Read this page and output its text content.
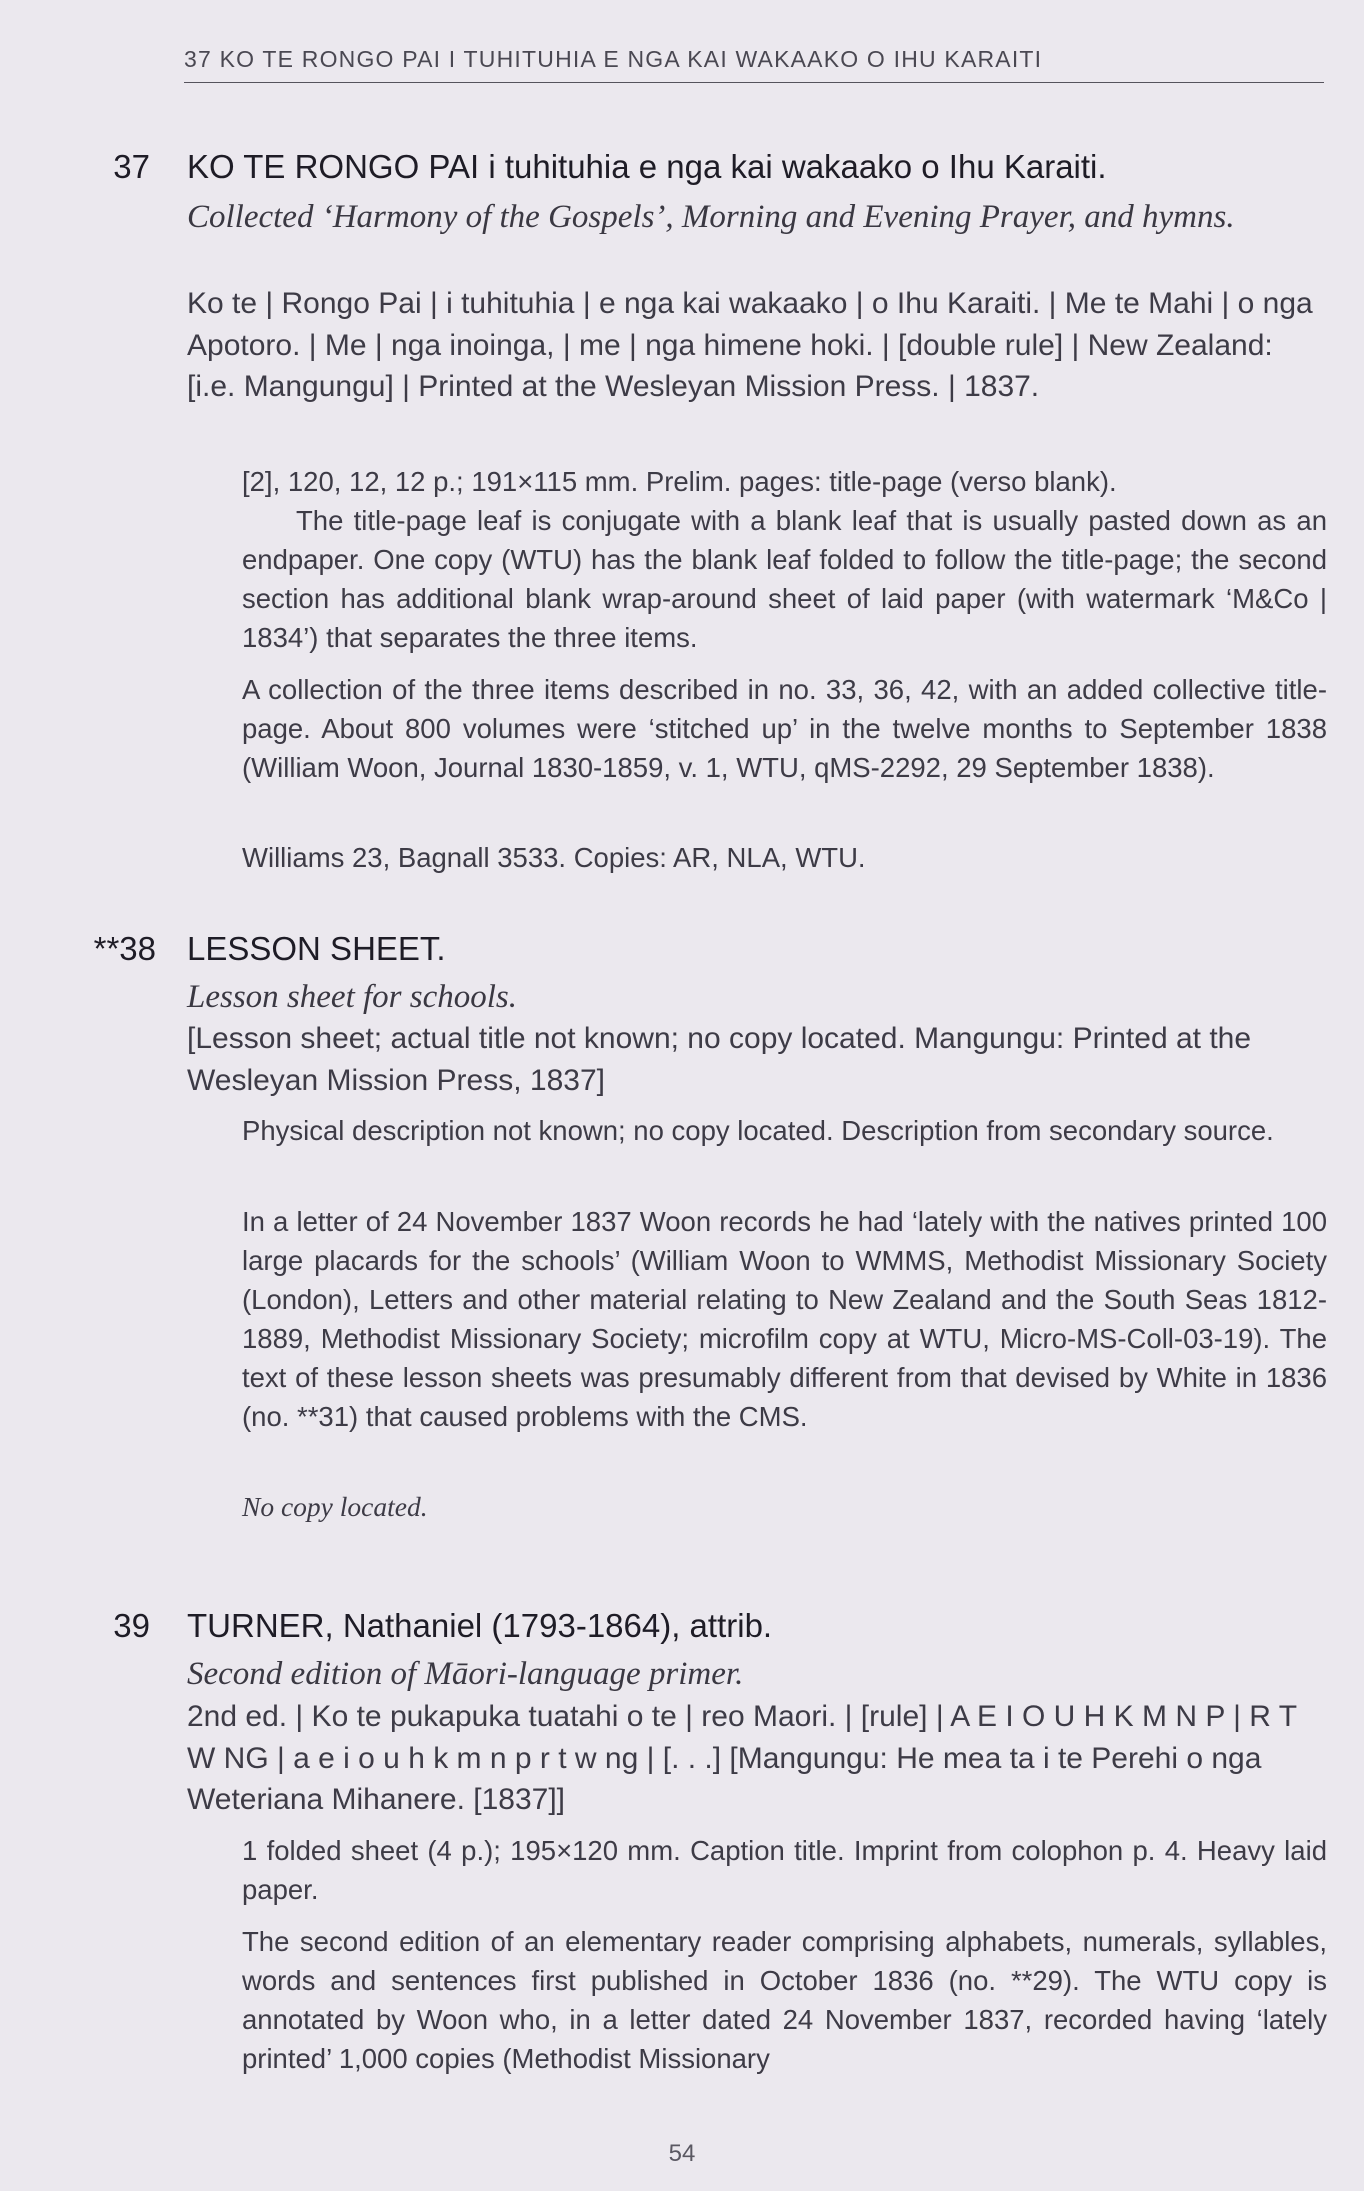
37 KO TE RONGO PAI I TUHITUHIA E NGA KAI WAKAAKO O IHU KARAITI
37 KO TE RONGO PAI i tuhituhia e nga kai wakaako o Ihu Karaiti.
Collected ‘Harmony of the Gospels’, Morning and Evening Prayer, and hymns.
Ko te | Rongo Pai | i tuhituhia | e nga kai wakaako | o Ihu Karaiti. | Me te Mahi | o nga Apotoro. | Me | nga inoinga, | me | nga himene hoki. | [double rule] | New Zealand: [i.e. Mangungu] | Printed at the Wesleyan Mission Press. | 1837.
[2], 120, 12, 12 p.; 191×115 mm. Prelim. pages: title-page (verso blank).
The title-page leaf is conjugate with a blank leaf that is usually pasted down as an endpaper. One copy (WTU) has the blank leaf folded to follow the title-page; the second section has additional blank wrap-around sheet of laid paper (with watermark ‘M&Co | 1834’) that separates the three items.
A collection of the three items described in no. 33, 36, 42, with an added collective title-page. About 800 volumes were ‘stitched up’ in the twelve months to September 1838 (William Woon, Journal 1830-1859, v. 1, WTU, qMS-2292, 29 September 1838).
Williams 23, Bagnall 3533. Copies: AR, NLA, WTU.
**38 LESSON SHEET.
Lesson sheet for schools.
[Lesson sheet; actual title not known; no copy located. Mangungu: Printed at the Wesleyan Mission Press, 1837]
Physical description not known; no copy located. Description from secondary source.
In a letter of 24 November 1837 Woon records he had ‘lately with the natives printed 100 large placards for the schools’ (William Woon to WMMS, Methodist Missionary Society (London), Letters and other material relating to New Zealand and the South Seas 1812-1889, Methodist Missionary Society; microfilm copy at WTU, Micro-MS-Coll-03-19). The text of these lesson sheets was presumably different from that devised by White in 1836 (no. **31) that caused problems with the CMS.
No copy located.
39 TURNER, Nathaniel (1793-1864), attrib.
Second edition of Māori-language primer.
2nd ed. | Ko te pukapuka tuatahi o te | reo Maori. | [rule] | A E I O U H K M N P | R T W NG | a e i o u h k m n p r t w ng | [. . .] [Mangungu: He mea ta i te Perehi o nga Weteriana Mihanere. [1837]]
1 folded sheet (4 p.); 195×120 mm. Caption title. Imprint from colophon p. 4. Heavy laid paper.
The second edition of an elementary reader comprising alphabets, numerals, syllables, words and sentences first published in October 1836 (no. **29). The WTU copy is annotated by Woon who, in a letter dated 24 November 1837, recorded having ‘lately printed’ 1,000 copies (Methodist Missionary
54
